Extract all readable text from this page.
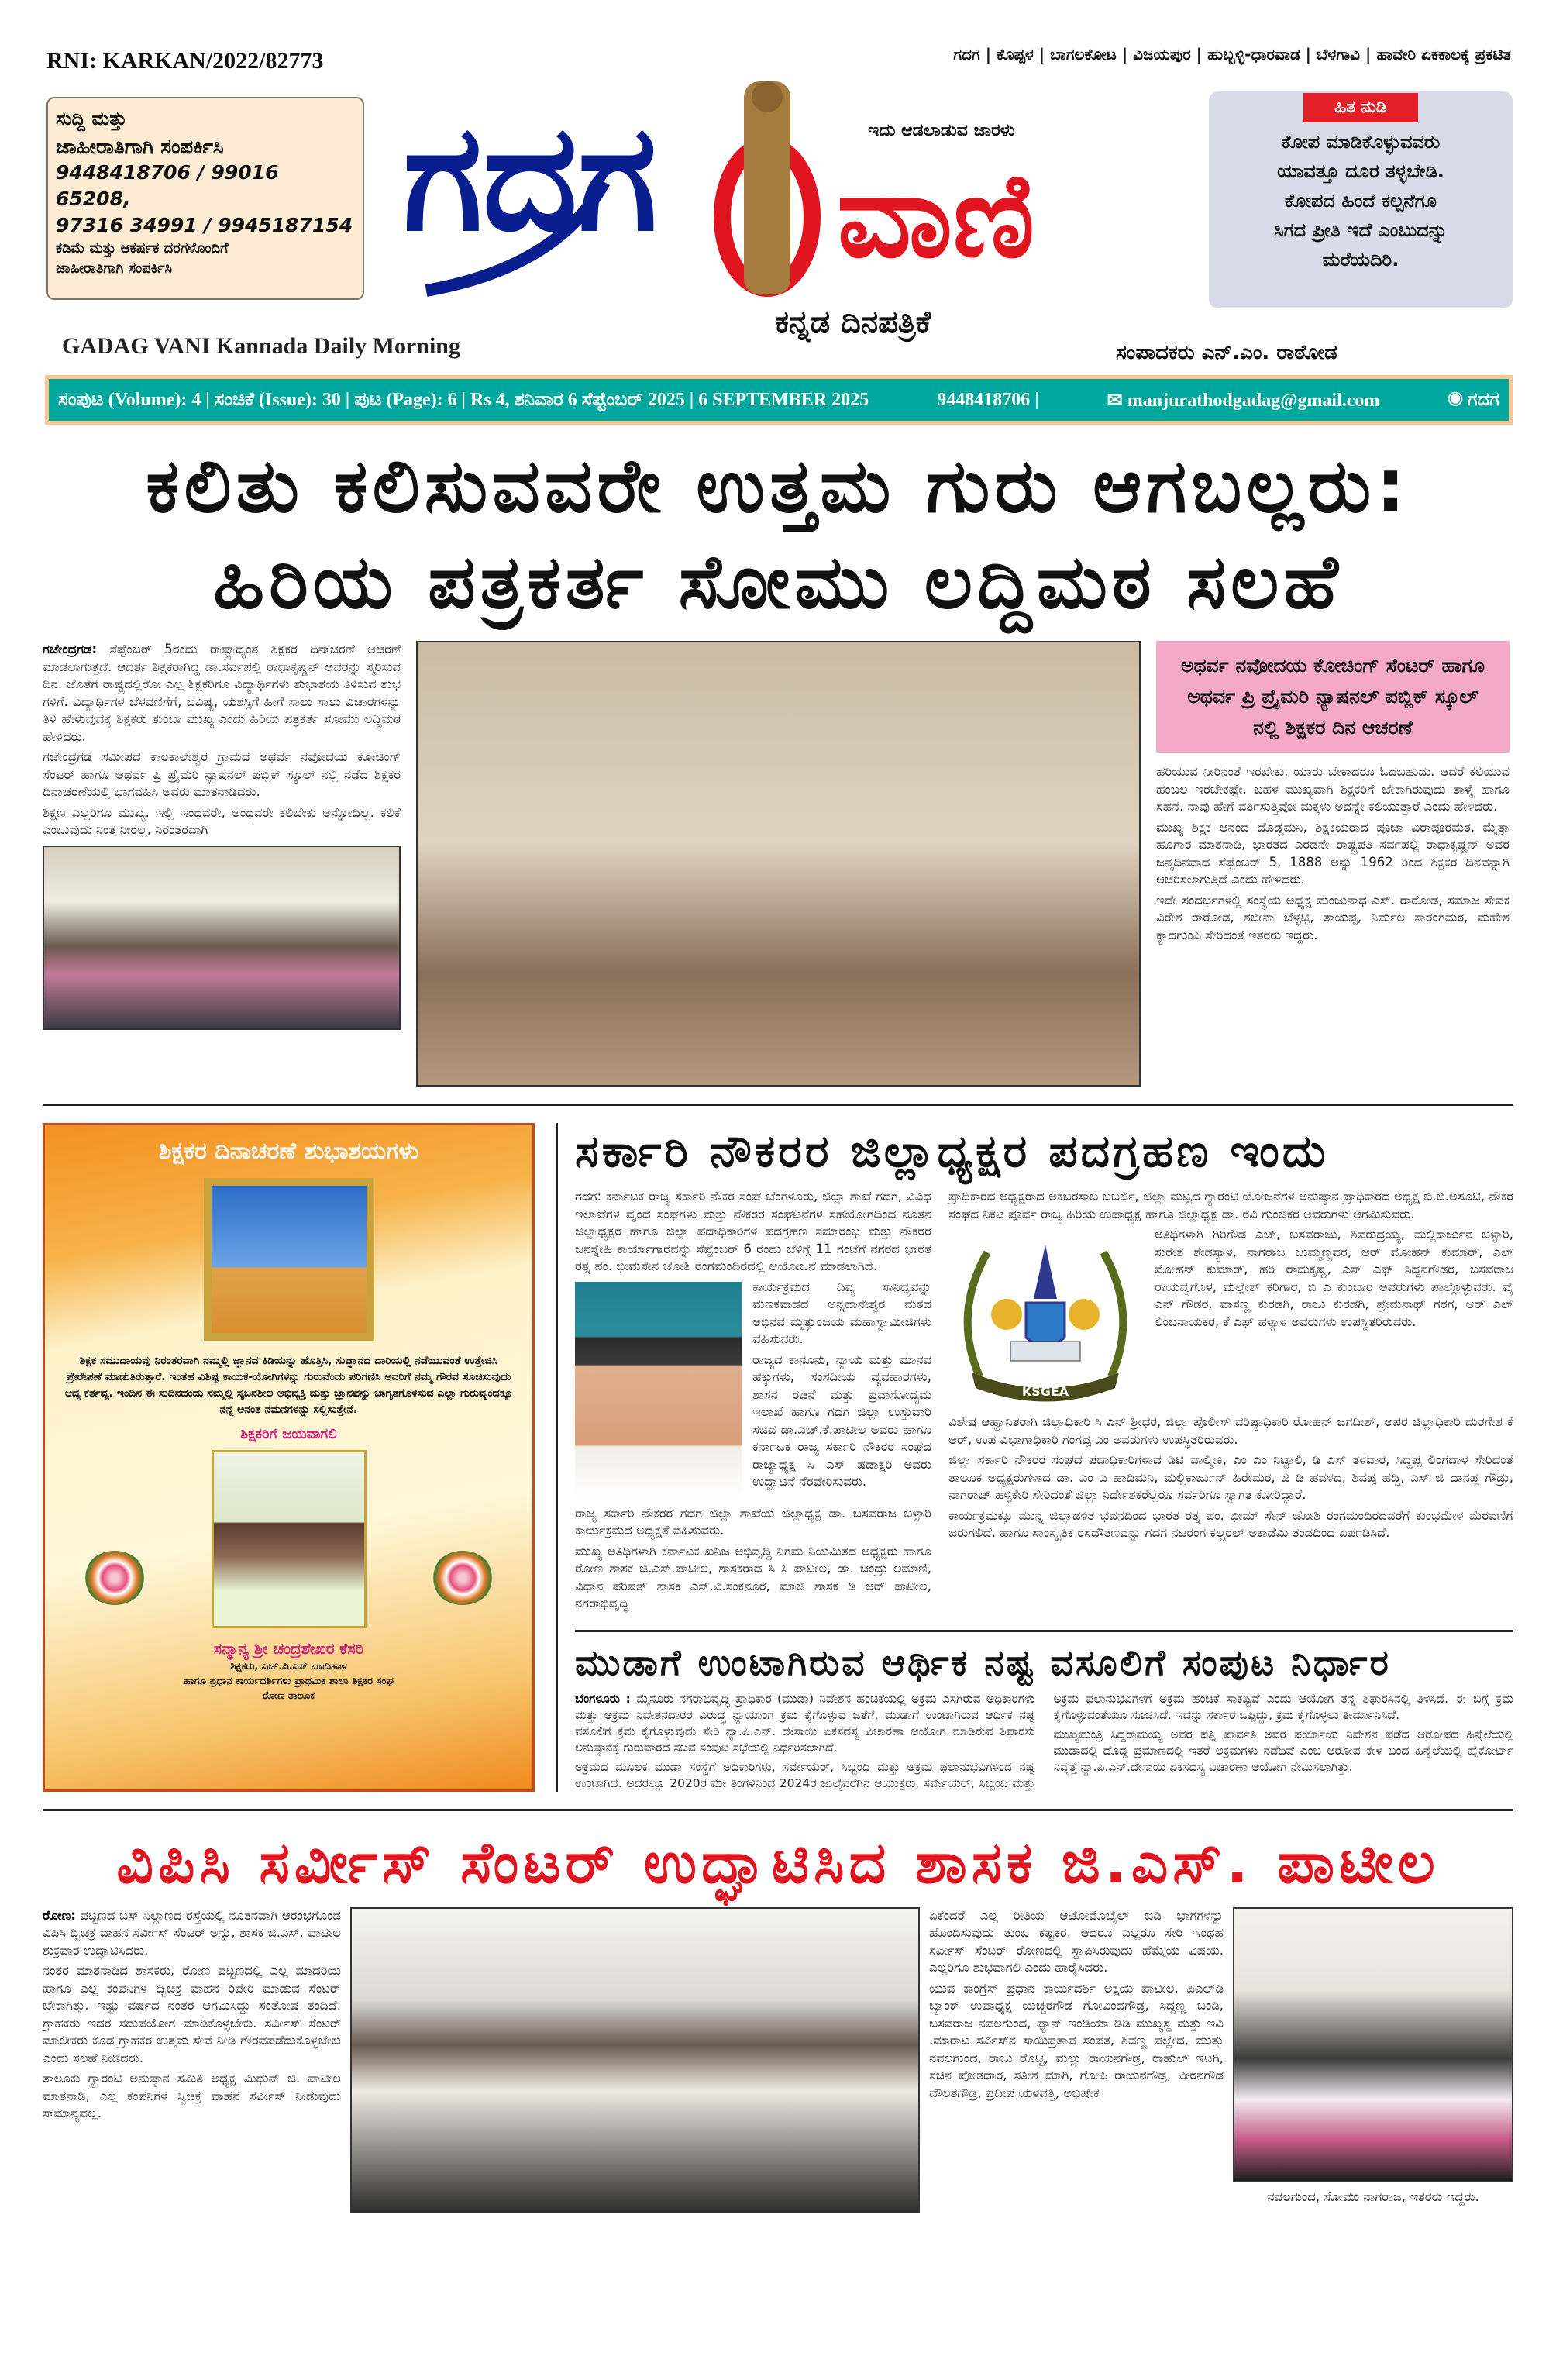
RNI: KARKAN/2022/82773	ಗದಗ | ಕೊಪ್ಪಳ | ಬಾಗಲಕೋಟ | ವಿಜಯಪುರ | ಹುಬ್ಬಳ್ಳಿ-ಧಾರವಾಡ | ಬೆಳಗಾವಿ | ಹಾವೇರಿ ಏಕಕಾಲಕ್ಕೆ ಪ್ರಕಟಿತ
ಸುದ್ದಿ ಮತ್ತು
ಜಾಹೀರಾತಿಗಾಗಿ ಸಂಪರ್ಕಿಸಿ
9448418706 / 99016 65208,
97316 34991 / 9945187154
ಕಡಿಮೆ ಮತ್ತು ಆಕರ್ಷಕ ದರಗಳೊಂದಿಗೆ
ಜಾಹೀರಾತಿಗಾಗಿ ಸಂಪರ್ಕಿಸಿ
ಗದಗ	ಇದು ಆಡಲಾಡುವ ಜಾರಳು
ವಾಣಿ
ಹಿತ ನುಡಿ
ಕೋಪ ಮಾಡಿಕೊಳ್ಳುವವರು
ಯಾವತ್ತೂ ದೂರ ತಳ್ಳಬೇಡಿ.
ಕೋಪದ ಹಿಂದೆ ಕಲ್ಪನೆಗೂ
ಸಿಗದ ಪ್ರೀತಿ ಇದೆ ಎಂಬುದನ್ನು
ಮರೆಯದಿರಿ.
GADAG VANI Kannada Daily Morning
ಕನ್ನಡ ದಿನಪತ್ರಿಕೆ
ಸಂಪಾದಕರು ಎನ್.ಎಂ. ರಾಠೋಡ
ಸಂಪುಟ (Volume): 4 | ಸಂಚಿಕೆ (Issue): 30 | ಪುಟ (Page): 6 | Rs 4, ಶನಿವಾರ 6 ಸೆಪ್ಟೆಂಬರ್ 2025 | 6 SEPTEMBER 2025	9448418706 |	✉ manjurathodgadag@gmail.com	◉ ಗದಗ
ಕಲಿತು ಕಲಿಸುವವರೇ ಉತ್ತಮ ಗುರು ಆಗಬಲ್ಲರು:
ಹಿರಿಯ ಪತ್ರಕರ್ತ ಸೋಮು ಲದ್ದಿಮಠ ಸಲಹೆ

ಗಜೇಂದ್ರಗಡ: ಸೆಪ್ಟೆಂಬರ್ 5ರಂದು ರಾಷ್ಟ್ರಾದ್ಯಂತ ಶಿಕ್ಷಕರ ದಿನಾಚರಣೆ ಆಚರಣೆ ಮಾಡಲಾಗುತ್ತದೆ. ಆದರ್ಶ ಶಿಕ್ಷಕರಾಗಿದ್ದ ಡಾ.ಸರ್ವಪಲ್ಲಿ ರಾಧಾಕೃಷ್ಣನ್ ಅವರನ್ನು ಸ್ಮರಿಸುವ ದಿನ. ಜೊತೆಗೆ ರಾಷ್ಟ್ರದಲ್ಲಿರೋ ಎಲ್ಲ ಶಿಕ್ಷಕರಿಗೂ ವಿದ್ಯಾರ್ಥಿಗಳು ಶುಭಾಶಯ ತಿಳಿಸುವ ಶುಭ ಗಳಿಗೆ. ವಿದ್ಯಾರ್ಥಿಗಳ ಬೆಳವಣಿಗೆಗೆ, ಭವಿಷ್ಯ, ಯಶಸ್ಸಿಗೆ ಹೀಗೆ ಸಾಲು ಸಾಲು ವಿಚಾರಗಳನ್ನು ತಿಳಿ ಹೇಳುವುದಕ್ಕೆ ಶಿಕ್ಷಕರು ತುಂಬಾ ಮುಖ್ಯ ಎಂದು ಹಿರಿಯ ಪತ್ರಕರ್ತ ಸೋಮು ಲದ್ದಿಮಠ ಹೇಳಿದರು.

ಗಜೇಂದ್ರಗಡ ಸಮೀಪದ ಕಾಲಕಾಲೇಶ್ವರ ಗ್ರಾಮದ ಅಥರ್ವ ನವೋದಯ ಕೋಚಿಂಗ್ ಸೆಂಟರ್ ಹಾಗೂ ಅಥರ್ವ ಪ್ರಿ ಪ್ರೈಮರಿ ನ್ಯಾಷನಲ್ ಪಬ್ಲಿಕ್ ಸ್ಕೂಲ್ ನಲ್ಲಿ ನಡೆದ ಶಿಕ್ಷಕರ ದಿನಾಚರಣೆಯಲ್ಲಿ ಭಾಗವಹಿಸಿ ಅವರು ಮಾತನಾಡಿದರು.

ಶಿಕ್ಷಣ ಎಲ್ಲರಿಗೂ ಮುಖ್ಯ. ಇಲ್ಲಿ ಇಂಥವರೇ, ಅಂಥವರೇ ಕಲಿಬೇಕು ಅನ್ನೋದಿಲ್ಲ. ಕಲಿಕೆ ಎಂಬುವುದು ನಿಂತ ನೀರಲ್ಲ, ನಿರಂತರವಾಗಿ

ಅಥರ್ವ ನವೋದಯ ಕೋಚಿಂಗ್ ಸೆಂಟರ್ ಹಾಗೂ ಅಥರ್ವ ಪ್ರಿ ಪ್ರೈಮರಿ ನ್ಯಾಷನಲ್ ಪಬ್ಲಿಕ್ ಸ್ಕೂಲ್ ನಲ್ಲಿ ಶಿಕ್ಷಕರ ದಿನ ಆಚರಣೆ

ಹರಿಯುವ ನೀರಿನಂತೆ ಇರಬೇಕು. ಯಾರು ಬೇಕಾದರೂ ಓದಬಹುದು. ಆದರೆ ಕಲಿಯುವ ಹಂಬಲ ಇರಬೇಕಷ್ಟೇ. ಬಹಳ ಮುಖ್ಯವಾಗಿ ಶಿಕ್ಷಕರಿಗೆ ಬೇಕಾಗಿರುವುದು ತಾಳ್ಮೆ ಹಾಗೂ ಸಹನೆ. ನಾವು ಹೇಗೆ ವರ್ತಿಸುತ್ತಿವೋ ಮಕ್ಕಳು ಅದನ್ನೇ ಕಲಿಯುತ್ತಾರೆ ಎಂದು ಹೇಳಿದರು.

ಮುಖ್ಯ ಶಿಕ್ಷಕ ಆನಂದ ದೊಡ್ಡಮನಿ, ಶಿಕ್ಷಕಿಯರಾದ ಪೂಜಾ ವಿರಾಪೂರಮಠ, ಮೈತ್ರಾ ಹೂಗಾರ ಮಾತನಾಡಿ, ಭಾರತದ ಎರಡನೇ ರಾಷ್ಟ್ರಪತಿ ಸರ್ವಪಲ್ಲಿ ರಾಧಾಕೃಷ್ಣನ್ ಅವರ ಜನ್ಮದಿನವಾದ ಸೆಪ್ಟೆಂಬರ್ 5, 1888 ಅನ್ನು 1962 ರಿಂದ ಶಿಕ್ಷಕರ ದಿನವನ್ನಾಗಿ ಆಚರಿಸಲಾಗುತ್ತಿದೆ ಎಂದು ಹೇಳಿದರು.

ಇದೇ ಸಂದರ್ಭಗಳಲ್ಲಿ ಸಂಸ್ಥೆಯ ಅಧ್ಯಕ್ಷ ಮಂಜುನಾಥ ಎಸ್. ರಾಠೋಡ, ಸಮಾಜ ಸೇವಕ ವಿರೇಶ ರಾಠೋಡ, ಶಬೀನಾ ಬೆಳ್ಳಟ್ಟಿ, ತಾಯಪ್ಪ, ನಿರ್ಮಲ ಸಾರಂಗಮಠ, ಮಹೇಶ ಕ್ಯಾದಗುಂಪಿ ಸೇರಿದಂತೆ ಇತರರು ಇದ್ದರು.

ಶಿಕ್ಷಕರ ದಿನಾಚರಣೆ ಶುಭಾಶಯಗಳು
ಶಿಕ್ಷಕ ಸಮುದಾಯವು ನಿರಂತರವಾಗಿ ನಮ್ಮಲ್ಲಿ ಜ್ಞಾನದ ಕಿಡಿಯನ್ನು ಹೊತ್ತಿಸಿ, ಸುಜ್ಞಾನದ ದಾರಿಯಲ್ಲಿ ನಡೆಯುವಂತೆ ಉತ್ತೇಜಿಸಿ ಪ್ರೇರೇಪಣೆ ಮಾಡುತಿರುತ್ತಾರೆ. ಇಂತಹ ವಿಶಿಷ್ಟ ಕಾಯಕ-ಯೋಗಿಗಳನ್ನು ಗುರುವೆಂದು ಪರಿಗಣಿಸಿ ಅವರಿಗೆ ನಮ್ಮ ಗೌರವ ಸೂಚಿಸುವುದು ಆದ್ಯ ಕರ್ತವ್ಯ. ಇಂದಿನ ಈ ಸುದಿನದಂದು ನಮ್ಮಲ್ಲಿ ಸೃಜನಶೀಲ ಅಭಿವ್ಯಕ್ತಿ ಮತ್ತು ಜ್ಞಾನವನ್ನು ಜಾಗೃತಗೊಳಿಸುವ ಎಲ್ಲಾ ಗುರುವೃಂದಕ್ಕೂ ನನ್ನ ಅನಂತ ನಮನಗಳನ್ನು ಸಲ್ಲಿಸುತ್ತೇನೆ.
ಶಿಕ್ಷಕರಿಗೆ ಜಯವಾಗಲಿ
ಸನ್ಮಾನ್ಯ ಶ್ರೀ ಚಂದ್ರಶೇಖರ ಕೆಸರಿ
ಶಿಕ್ಷಕರು, ಎಚ್.ಪಿ.ಎಸ್ ಬೂದಿಹಾಳ
ಹಾಗೂ ಪ್ರಧಾನ ಕಾರ್ಯದರ್ಶಿಗಳು ಪ್ರಾಥಮಿಕ ಶಾಲಾ ಶಿಕ್ಷಕರ ಸಂಘ
ರೋಣ ತಾಲೂಕ
ಸರ್ಕಾರಿ ನೌಕರರ ಜಿಲ್ಲಾಧ್ಯಕ್ಷರ ಪದಗ್ರಹಣ ಇಂದು

ಗದಗ: ಕರ್ನಾಟಕ ರಾಜ್ಯ ಸರ್ಕಾರಿ ನೌಕರ ಸಂಘ ಬೆಂಗಳೂರು, ಜಿಲ್ಲಾ ಶಾಖೆ ಗದಗ, ವಿವಿಧ ಇಲಾಖೆಗಳ ವೃಂದ ಸಂಘಗಳು ಮತ್ತು ನೌಕರರ ಸಂಘಟನೆಗಳ ಸಹಯೋಗದಿಂದ ನೂತನ ಜಿಲ್ಲಾಧ್ಯಕ್ಷರ ಹಾಗೂ ಜಿಲ್ಲಾ ಪದಾಧಿಕಾರಿಗಳ ಪದಗ್ರಹಣ ಸಮಾರಂಭ ಮತ್ತು ನೌಕರರ ಜನಸ್ನೇಹಿ ಕಾರ್ಯಾಗಾರವನ್ನು ಸೆಪ್ಟೆಂಬರ್ 6 ರಂದು ಬೆಳಿಗ್ಗೆ 11 ಗಂಟೆಗೆ ನಗರದ ಭಾರತ ರತ್ನ ಪಂ. ಭೀಮಸೇನ ಜೋಶಿ ರಂಗಮಂದಿರದಲ್ಲಿ ಆಯೋಜನೆ ಮಾಡಲಾಗಿದೆ.

ಕಾರ್ಯಕ್ರಮದ ದಿವ್ಯ ಸಾನಿಧ್ಯವನ್ನು ಮಣಕವಾಡದ ಅನ್ನದಾನೇಶ್ವರ ಮಠದ ಅಭಿನವ ಮೃತ್ಯುಂಜಯ ಮಹಾಸ್ವಾಮೀಜಿಗಳು ವಹಿಸುವರು.

ರಾಜ್ಯದ ಕಾನೂನು, ನ್ಯಾಯ ಮತ್ತು ಮಾನವ ಹಕ್ಕುಗಳು, ಸಂಸದೀಯ ವ್ಯವಹಾರಗಳು, ಶಾಸನ ರಚನೆ ಮತ್ತು ಪ್ರವಾಸೋದ್ಯಮ ಇಲಾಖೆ ಹಾಗೂ ಗದಗ ಜಿಲ್ಲಾ ಉಸ್ತುವಾರಿ ಸಚಿವ ಡಾ.ಎಚ್.ಕೆ.ಪಾಟೀಲ ಅವರು ಹಾಗೂ ಕರ್ನಾಟಕ ರಾಜ್ಯ ಸರ್ಕಾರಿ ನೌಕರರ ಸಂಘದ ರಾಜ್ಯಾಧ್ಯಕ್ಷ ಸಿ ಎಸ್ ಷಡಾಕ್ಷರಿ ಅವರು ಉದ್ಘಾಟನೆ ನೆರವೇರಿಸುವರು.

ರಾಜ್ಯ ಸರ್ಕಾರಿ ನೌಕರರ ಗದಗ ಜಿಲ್ಲಾ ಶಾಖೆಯ ಜಿಲ್ಲಾಧ್ಯಕ್ಷ ಡಾ. ಬಸವರಾಜ ಬಳ್ಳಾರಿ ಕಾರ್ಯಕ್ರಮದ ಅಧ್ಯಕ್ಷತೆ ವಹಿಸುವರು.

ಮುಖ್ಯ ಅತಿಥಿಗಳಾಗಿ ಕರ್ನಾಟಕ ಖನಿಜ ಅಭಿವೃದ್ಧಿ ನಿಗಮ ನಿಯಮಿತದ ಅಧ್ಯಕ್ಷರು ಹಾಗೂ ರೋಣ ಶಾಸಕ ಜಿ.ಎಸ್.ಪಾಟೀಲ, ಶಾಸಕರಾದ ಸಿ ಸಿ ಪಾಟೀಲ, ಡಾ. ಚಂದ್ರು ಲಮಾಣಿ, ವಿಧಾನ ಪರಿಷತ್ ಶಾಸಕ ಎಸ್.ವಿ.ಸಂಕನೂರ, ಮಾಜಿ ಶಾಸಕ ಡಿ ಆರ್ ಪಾಟೀಲ, ನಗರಾಭಿವೃದ್ಧಿ

ಪ್ರಾಧಿಕಾರದ ಅಧ್ಯಕ್ಷರಾದ ಅಕಬರಸಾಬ ಬಬರ್ಜಿ, ಜಿಲ್ಲಾ ಮಟ್ಟದ ಗ್ಯಾರಂಟಿ ಯೋಜನೆಗಳ ಅನುಷ್ಠಾನ ಪ್ರಾಧಿಕಾರದ ಅಧ್ಯಕ್ಷ ಬಿ.ಬಿ.ಅಸೂಟಿ, ನೌಕರ ಸಂಘದ ನಿಕಟ ಪೂರ್ವ ರಾಜ್ಯ ಹಿರಿಯ ಉಪಾಧ್ಯಕ್ಷ ಹಾಗೂ ಜಿಲ್ಲಾಧ್ಯಕ್ಷ ಡಾ. ರವಿ ಗುಂಜಿಕರ ಅವರುಗಳು ಆಗಮಿಸುವರು.

KSGEA

ಅತಿಥಿಗಳಾಗಿ ಗಿರಿಗೌಡ ಎಚ್, ಬಸವರಾಜು, ಶಿವರುದ್ರಯ್ಯ, ಮಲ್ಲಿಕಾರ್ಜುನ ಬಳ್ಳಾರಿ, ಸುರೇಶ ಶೇಡಸ್ಯಾಳ, ನಾಗರಾಜ ಜುಮ್ಮಣ್ಣವರ, ಆರ್ ಮೋಹನ್ ಕುಮಾರ್, ಎಲ್ ಮೋಹನ್ ಕುಮಾರ್, ಹರಿ ರಾಮಕೃಷ್ಣ, ಎಸ್ ಎಫ್ ಸಿದ್ದನಗೌಡರ, ಬಸವರಾಜ ರಾಯವ್ವಗೊಳ, ಮಲ್ಲೇಶ್ ಕರಿಗಾರ, ಬಿ ಎ ಕುಂಬಾರ ಅವರುಗಳು ಪಾಲ್ಗೊಳ್ಳುವರು. ವೈ ಎನ್ ಗೌಡರ, ವಾಸಣ್ಣ ಕುರಡಗಿ, ರಾಜು ಕುರಡಗಿ, ಪ್ರೇಮನಾಥ್ ಗರಗ, ಆರ್ ಎಲ್ ಲಿಂಬನಾಯಕರ, ಕೆ ಎಫ್ ಹಳ್ಯಾಳ ಅವರುಗಳು ಉಪಸ್ಥಿತರಿರುವರು.

ವಿಶೇಷ ಆಹ್ವಾನಿತರಾಗಿ ಜಿಲ್ಲಾಧಿಕಾರಿ ಸಿ ಎನ್ ಶ್ರೀಧರ, ಜಿಲ್ಲಾ ಪೊಲೀಸ್ ವರಿಷ್ಠಾಧಿಕಾರಿ ರೋಹನ್ ಜಗದೀಶ್, ಅಪರ ಜಿಲ್ಲಾಧಿಕಾರಿ ದುರಗೇಶ ಕೆ ಆರ್, ಉಪ ವಿಭಾಗಾಧಿಕಾರಿ ಗಂಗಪ್ಪ ಎಂ ಅವರುಗಳು ಉಪಸ್ಥಿತರಿರುವರು.

ಜಿಲ್ಲಾ ಸರ್ಕಾರಿ ನೌಕರರ ಸಂಘದ ಪದಾಧಿಕಾರಿಗಳಾದ ಡಿಟಿ ವಾಲ್ಮೀಕಿ, ಎಂ ಎಂ ನಿಟ್ಟಾಲಿ, ಡಿ ಎಸ್ ತಳವಾರ, ಸಿದ್ದಪ್ಪ ಲಿಂಗದಾಳ ಸೇರಿದಂತೆ ತಾಲೂಕ ಅಧ್ಯಕ್ಷರುಗಳಾದ ಡಾ. ಎಂ ಎ ಹಾದಿಮನಿ, ಮಲ್ಲಿಕಾರ್ಜುನ್ ಹಿರೇಮಠ, ಜಿ ಡಿ ಹವಳದ, ಶಿವಪ್ಪ ಹದ್ದಿ, ಎಸ್ ಜಿ ದಾನಪ್ಪ ಗೌಡ್ರು, ನಾಗರಾಜ್ ಹಳ್ಳಿಕೇರಿ ಸೇರಿದಂತೆ ಜಿಲ್ಲಾ ನಿರ್ದೇಶಕರೆಲ್ಲರೂ ಸರ್ವರಿಗೂ ಸ್ವಾಗತ ಕೋರಿದ್ದಾರೆ.

ಕಾರ್ಯಕ್ರಮಕ್ಕೂ ಮುನ್ನ ಜಿಲ್ಲಾಡಳಿತ ಭವನದಿಂದ ಭಾರತ ರತ್ನ ಪಂ. ಭೀಮ್ ಸೇನ್ ಜೋಶಿ ರಂಗಮಂದಿರದವರೆಗೆ ಕುಂಭಮೇಳ ಮೆರವಣಿಗೆ ಜರುಗಲಿದೆ. ಹಾಗೂ ಸಾಂಸ್ಕೃತಿಕ ರಸದೌತಣವನ್ನು ಗದಗ ನಟರಂಗ ಕಲ್ಚರಲ್ ಅಕಾಡೆಮಿ ತಂಡದಿಂದ ಏರ್ಪಡಿಸಿದೆ.

ಮುಡಾಗೆ ಉಂಟಾಗಿರುವ ಆರ್ಥಿಕ ನಷ್ಟ ವಸೂಲಿಗೆ ಸಂಪುಟ ನಿರ್ಧಾರ

ಬೆಂಗಳೂರು : ಮೈಸೂರು ನಗರಾಭಿವೃದ್ಧಿ ಪ್ರಾಧಿಕಾರ (ಮುಡಾ) ನಿವೇಶನ ಹಂಚಿಕೆಯಲ್ಲಿ ಅಕ್ರಮ ಎಸಗಿರುವ ಅಧಿಕಾರಿಗಳು ಮತ್ತು ಅಕ್ರಮ ನಿವೇಶನದಾರರ ವಿರುದ್ಧ ನ್ಯಾಯಾಂಗ ಕ್ರಮ ಕೈಗೊಳ್ಳುವ ಜತೆಗೆ, ಮುಡಾಗೆ ಉಂಟಾಗಿರುವ ಆರ್ಥಿಕ ನಷ್ಟ ವಸೂಲಿಗೆ ಕ್ರಮ ಕೈಗೊಳ್ಳುವುದು ಸೇರಿ ನ್ಯಾ.ಪಿ.ಎನ್. ದೇಸಾಯಿ ಏಕಸದಸ್ಯ ವಿಚಾರಣಾ ಆಯೋಗ ಮಾಡಿರುವ ಶಿಫಾರಸು ಅನುಷ್ಠಾನಕ್ಕೆ ಗುರುವಾರದ ಸಚಿವ ಸಂಪುಟ ಸಭೆಯಲ್ಲಿ ನಿರ್ಧರಿಸಲಾಗಿದೆ.

ಅಕ್ರಮದ ಮೂಲಕ ಮುಡಾ ಸಂಸ್ಥೆಗೆ ಅಧಿಕಾರಿಗಳು, ಸರ್ವೇಯರ್, ಸಿಬ್ಬಂದಿ ಮತ್ತು ಅಕ್ರಮ ಫಲಾನುಭವಿಗಳಿಂದ ನಷ್ಟ ಉಂಟಾಗಿದೆ. ಅದರಲ್ಲೂ 2020ರ ಮೇ ತಿಂಗಳಿನಿಂದ 2024ರ ಜುಲೈವರೆಗಿನ ಆಯುಕ್ತರು, ಸರ್ವೇಯರ್, ಸಿಬ್ಬಂದಿ ಮತ್ತು ಅಕ್ರಮ ಫಲಾನುಭವಿಗಳಿಗೆ ಅಕ್ರಮ ಹಂಚಿಕೆ ಸಾಕಷ್ಟಿವೆ ಎಂದು ಆಯೋಗ ತನ್ನ ಶಿಫಾರಸಿನಲ್ಲಿ ತಿಳಿಸಿದೆ. ಈ ಬಗ್ಗೆ ಕ್ರಮ ಕೈಗೊಳ್ಳುವಂತೆಯೂ ಸೂಚಿಸಿದೆ. ಇದನ್ನು ಸರ್ಕಾರ ಒಪ್ಪಿದ್ದು, ಕ್ರಮ ಕೈಗೊಳ್ಳಲು ತೀರ್ಮಾನಿಸಿದೆ.

ಮುಖ್ಯಮಂತ್ರಿ ಸಿದ್ದರಾಮಯ್ಯ ಅವರ ಪತ್ನಿ ಪಾರ್ವತಿ ಅವರ ಪರ್ಯಾಯ ನಿವೇಶನ ಪಡೆದ ಆರೋಪದ ಹಿನ್ನೆಲೆಯಲ್ಲಿ ಮುಡಾದಲ್ಲಿ ದೊಡ್ಡ ಪ್ರಮಾಣದಲ್ಲಿ ಇತರೆ ಅಕ್ರಮಗಳು ನಡೆದಿವೆ ಎಂಬ ಆರೋಪ ಕೇಳಿ ಬಂದ ಹಿನ್ನೆಲೆಯಲ್ಲಿ ಹೈಕೋರ್ಟ್ ನಿವೃತ್ತ ನ್ಯಾ.ಪಿ.ಎನ್.ದೇಸಾಯಿ ಏಕಸದಸ್ಯ ವಿಚಾರಣಾ ಆಯೋಗ ನೇಮಿಸಲಾಗಿತ್ತು.

ವಿಪಿಸಿ ಸರ್ವೀಸ್ ಸೆಂಟರ್ ಉದ್ಘಾಟಿಸಿದ ಶಾಸಕ ಜಿ.ಎಸ್. ಪಾಟೀಲ

ರೋಣ: ಪಟ್ಟಣದ ಬಸ್ ನಿಲ್ದಾಣದ ರಸ್ತೆಯಲ್ಲಿ ನೂತನವಾಗಿ ಆರಂಭಗೊಂಡ ವಿಪಿಸಿ ದ್ವಿಚಕ್ರ ವಾಹನ ಸರ್ವೀಸ್ ಸೆಂಟರ್ ಅನ್ನು, ಶಾಸಕ ಜಿ.ಎಸ್. ಪಾಟೀಲ ಶುಕ್ರವಾರ ಉದ್ಘಾಟಿಸಿದರು.

ನಂತರ ಮಾತನಾಡಿದ ಶಾಸಕರು, ರೋಣ ಪಟ್ಟಣದಲ್ಲಿ ಎಲ್ಲ ಮಾದರಿಯ ಹಾಗೂ ಎಲ್ಲ ಕಂಪನಿಗಳ ದ್ವಿಚಕ್ರ ವಾಹನ ರಿಪೇರಿ ಮಾಡುವ ಸೆಂಟರ್ ಬೇಕಾಗಿತ್ತು. ಇಷ್ಟು ವರ್ಷದ ನಂತರ ಆಗಮಿಸಿದ್ದು ಸಂತೋಷ ತಂದಿದೆ. ಗ್ರಾಹಕರು ಇದರ ಸದುಪಯೋಗ ಮಾಡಿಕೊಳ್ಳಬೇಕು. ಸರ್ವೀಸ್ ಸೆಂಟರ್ ಮಾಲೀಕರು ಕೂಡ ಗ್ರಾಹಕರ ಉತ್ತಮ ಸೇವೆ ನೀಡಿ ಗೌರವಪಡೆದುಕೊಳ್ಳಬೇಕು ಎಂದು ಸಲಹೆ ನೀಡಿದರು.

ತಾಲೂಕು ಗ್ಯಾರಂಟಿ ಅನುಷ್ಠಾನ ಸಮಿತಿ ಅಧ್ಯಕ್ಷ ಮಿಥುನ್ ಜಿ. ಪಾಟೀಲ ಮಾತನಾಡಿ, ಎಲ್ಲ ಕಂಪನಿಗಳ ಸ್ವಿಚಕ್ರ ವಾಹನ ಸರ್ವೀಸ್ ನೀಡುವುದು ಸಾಮಾನ್ಯವಲ್ಲ.

ಏಕೆಂದರೆ ಎಲ್ಲ ರೀತಿಯ ಆಟೋಮೊಬೈಲ್ ಬಿಡಿ ಭಾಗಗಳನ್ನು ಹೊಂದಿಸುವುದು ತುಂಬ ಕಷ್ಟಕರ. ಆದರೂ ಎಲ್ಲರೂ ಸೇರಿ ಇಂಥಹ ಸರ್ವೀಸ್ ಸೆಂಟರ್ ರೋಣದಲ್ಲಿ ಸ್ಥಾಪಿಸಿರುವುದು ಹೆಮ್ಮೆಯ ವಿಷಯ. ಎಲ್ಲರಿಗೂ ಶುಭವಾಗಲಿ ಎಂದು ಹಾರೈಸಿದರು.

ಯುವ ಕಾಂಗ್ರೆಸ್ ಪ್ರಧಾನ ಕಾರ್ಯದರ್ಶಿ ಅಕ್ಷಯ ಪಾಟೀಲ, ಪಿಎಲ್‌ಡಿ ಬ್ಯಾಂಕ್ ಉಪಾಧ್ಯಕ್ಷ ಯಚ್ಚರಗೌಡ ಗೋವಿಂದಗೌಡ್ರ, ಸಿದ್ದಣ್ಣ ಬಂಡಿ, ಬಸವರಾಜ ನವಲಗುಂದ, ಫ್ಯಾನ್ ಇಂಡಿಯಾ ಡಿಡಿ ಮುಖ್ಯಸ್ಥ ಮತ್ತು ಇವಿ .ಮಾರಾಟ ಸರ್ವಿಸ್‌ನ ಸಾಯಿಪ್ರತಾಪ ಸಂಪತ, ಶಿವಣ್ಣ ಪಲ್ಲೇದ, ಮುತ್ತು ನವಲಗುಂದ, ರಾಜು ರೊಟ್ಟಿ, ಮಲ್ಲು ರಾಯನಗೌಡ್ರ, ರಾಹುಲ್ ಇಟಗಿ, ಸಚಿನ ಪೋತದಾರ, ಸತೀಶ ಮಾಗಿ, ಗೋಪಿ ರಾಯನಗೌಡ್ರ, ವೀರನಗೌಡ ದೌಲತಗೌಡ್ರ, ಪ್ರದೀಪ ಯಳವತ್ತಿ, ಅಭಿಷೇಕ

ನವಲಗುಂದ, ಸೋಮು ನಾಗರಾಜ, ಇತರರು ಇದ್ದರು.
